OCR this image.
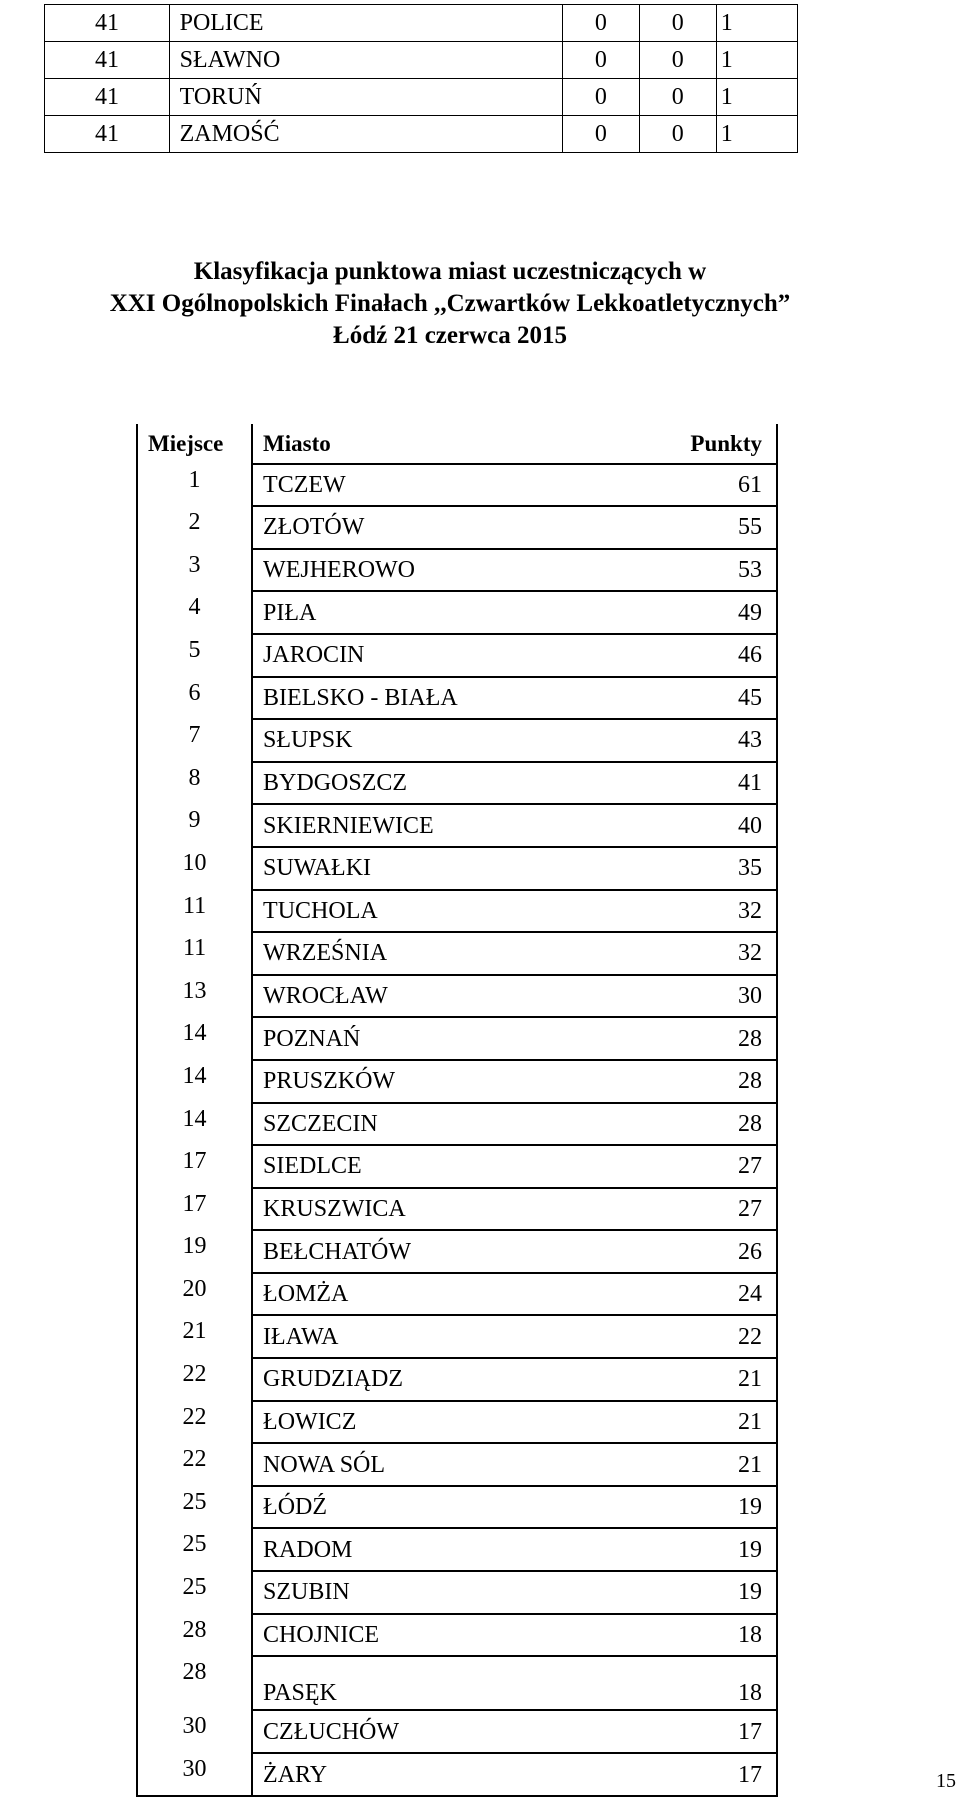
41	POLICE	0	0	1
41	SŁAWNO	0	0	1
41	TORUŃ	0	0	1
41	ZAMOŚĆ	0	0	1
Klasyfikacja punktowa miast uczestniczących w
XXI Ogólnopolskich Finałach ,,Czwartków Lekkoatletycznych”
Łódź 21 czerwca 2015
Miejsce	Miasto	Punkty
1	TCZEW	61
2	ZŁOTÓW	55
3	WEJHEROWO	53
4	PIŁA	49
5	JAROCIN	46
6	BIELSKO - BIAŁA	45
7	SŁUPSK	43
8	BYDGOSZCZ	41
9	SKIERNIEWICE	40
10	SUWAŁKI	35
11	TUCHOLA	32
11	WRZEŚNIA	32
13	WROCŁAW	30
14	POZNAŃ	28
14	PRUSZKÓW	28
14	SZCZECIN	28
17	SIEDLCE	27
17	KRUSZWICA	27
19	BEŁCHATÓW	26
20	ŁOMŻA	24
21	IŁAWA	22
22	GRUDZIĄDZ	21
22	ŁOWICZ	21
22	NOWA SÓL	21
25	ŁÓDŹ	19
25	RADOM	19
25	SZUBIN	19
28	CHOJNICE	18
28	PASĘK	18
30	CZŁUCHÓW	17
30	ŻARY	17	15
